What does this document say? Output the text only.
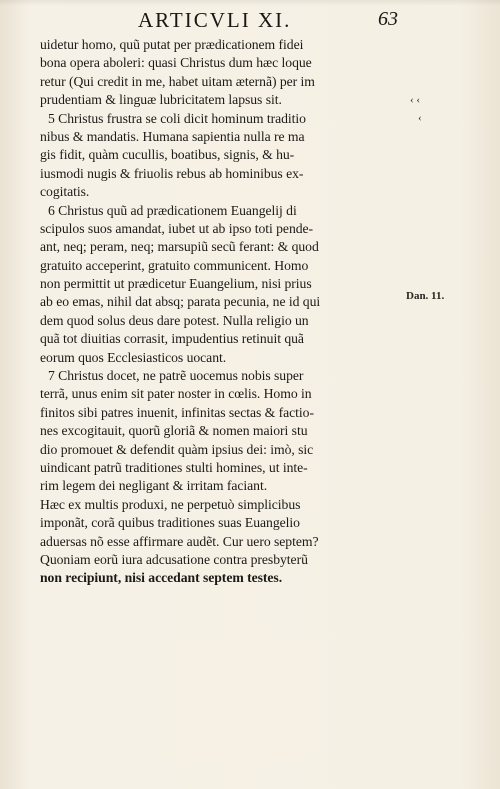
ARTICVLI XI.	63
uidetur homo, quũ putat per prædicationem fidei
bona opera aboleri: quasi Christus dum hæc loque
retur (Qui credit in me, habet uitam æternã) per im
prudentiam & linguæ lubricitatem lapsus sit.
5 Christus frustra se coli dicit hominum traditio
nibus & mandatis. Humana sapientia nulla re ma
gis fidit, quàm cucullis, boatibus, signis, & hu-
iusmodi nugis & friuolis rebus ab hominibus ex-
cogitatis.
6 Christus quũ ad prædicationem Euangelij di
scipulos suos amandat, iubet ut ab ipso toti pende-
ant, neq; peram, neq; marsupiũ secũ ferant: & quod
gratuito acceperint, gratuito communicent. Homo
non permittit ut prædicetur Euangelium, nisi prius
ab eo emas, nihil dat absq; parata pecunia, ne id qui
dem quod solus deus dare potest. Nulla religio un
quã tot diuitias corrasit, impudentius retinuit quã
eorum quos Ecclesiasticos uocant.
7 Christus docet, ne patrẽ uocemus nobis super
terrã, unus enim sit pater noster in cœlis. Homo in
finitos sibi patres inuenit, infinitas sectas & factio-
nes excogitauit, quorũ gloriã & nomen maiori stu
dio promouet & defendit quàm ipsius dei: imò, sic
uindicant patrũ traditiones stulti homines, ut inte-
rim legem dei negligant & irritam faciant.
Hæc ex multis produxi, ne perpetuò simplicibus
imponãt, corã quibus traditiones suas Euangelio
aduersas nõ esse affirmare audẽt. Cur uero septem?
Quoniam eorũ iura adcusatione contra presbyterũ
non recipiunt, nisi accedant septem testes.
‹ ‹
‹
Dan. 11.
